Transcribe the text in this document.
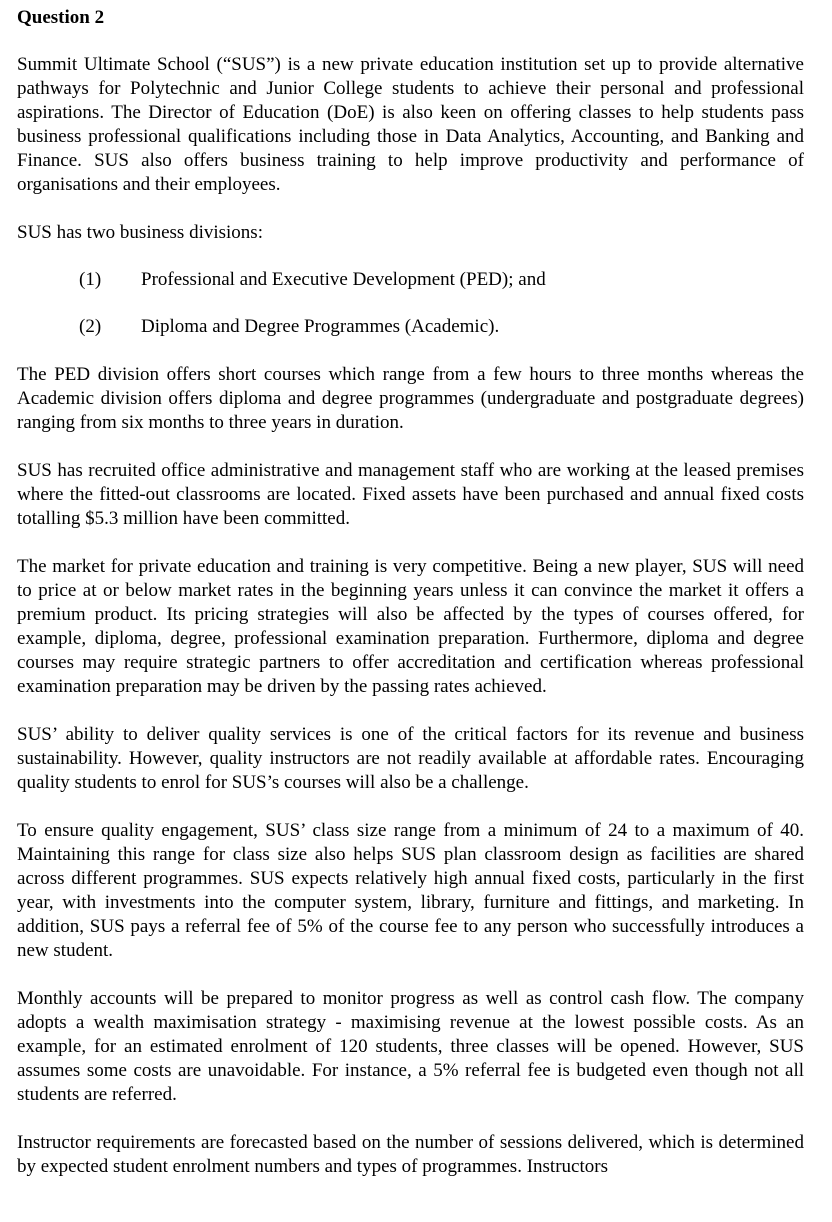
Question 2

Summit Ultimate School (“SUS”) is a new private education institution set up to provide alternative pathways for Polytechnic and Junior College students to achieve their personal and professional aspirations. The Director of Education (DoE) is also keen on offering classes to help students pass business professional qualifications including those in Data Analytics, Accounting, and Banking and Finance. SUS also offers business training to help improve productivity and performance of organisations and their employees.

SUS has two business divisions:

(1)	Professional and Executive Development (PED); and
(2)	Diploma and Degree Programmes (Academic).

The PED division offers short courses which range from a few hours to three months whereas the Academic division offers diploma and degree programmes (undergraduate and postgraduate degrees) ranging from six months to three years in duration.

SUS has recruited office administrative and management staff who are working at the leased premises where the fitted-out classrooms are located. Fixed assets have been purchased and annual fixed costs totalling $5.3 million have been committed.

The market for private education and training is very competitive. Being a new player, SUS will need to price at or below market rates in the beginning years unless it can convince the market it offers a premium product. Its pricing strategies will also be affected by the types of courses offered, for example, diploma, degree, professional examination preparation. Furthermore, diploma and degree courses may require strategic partners to offer accreditation and certification whereas professional examination preparation may be driven by the passing rates achieved.

SUS’ ability to deliver quality services is one of the critical factors for its revenue and business sustainability. However, quality instructors are not readily available at affordable rates. Encouraging quality students to enrol for SUS’s courses will also be a challenge.

To ensure quality engagement, SUS’ class size range from a minimum of 24 to a maximum of 40. Maintaining this range for class size also helps SUS plan classroom design as facilities are shared across different programmes. SUS expects relatively high annual fixed costs, particularly in the first year, with investments into the computer system, library, furniture and fittings, and marketing. In addition, SUS pays a referral fee of 5% of the course fee to any person who successfully introduces a new student.

Monthly accounts will be prepared to monitor progress as well as control cash flow. The company adopts a wealth maximisation strategy - maximising revenue at the lowest possible costs. As an example, for an estimated enrolment of 120 students, three classes will be opened. However, SUS assumes some costs are unavoidable. For instance, a 5% referral fee is budgeted even though not all students are referred.

Instructor requirements are forecasted based on the number of sessions delivered, which is determined by expected student enrolment numbers and types of programmes. Instructors
